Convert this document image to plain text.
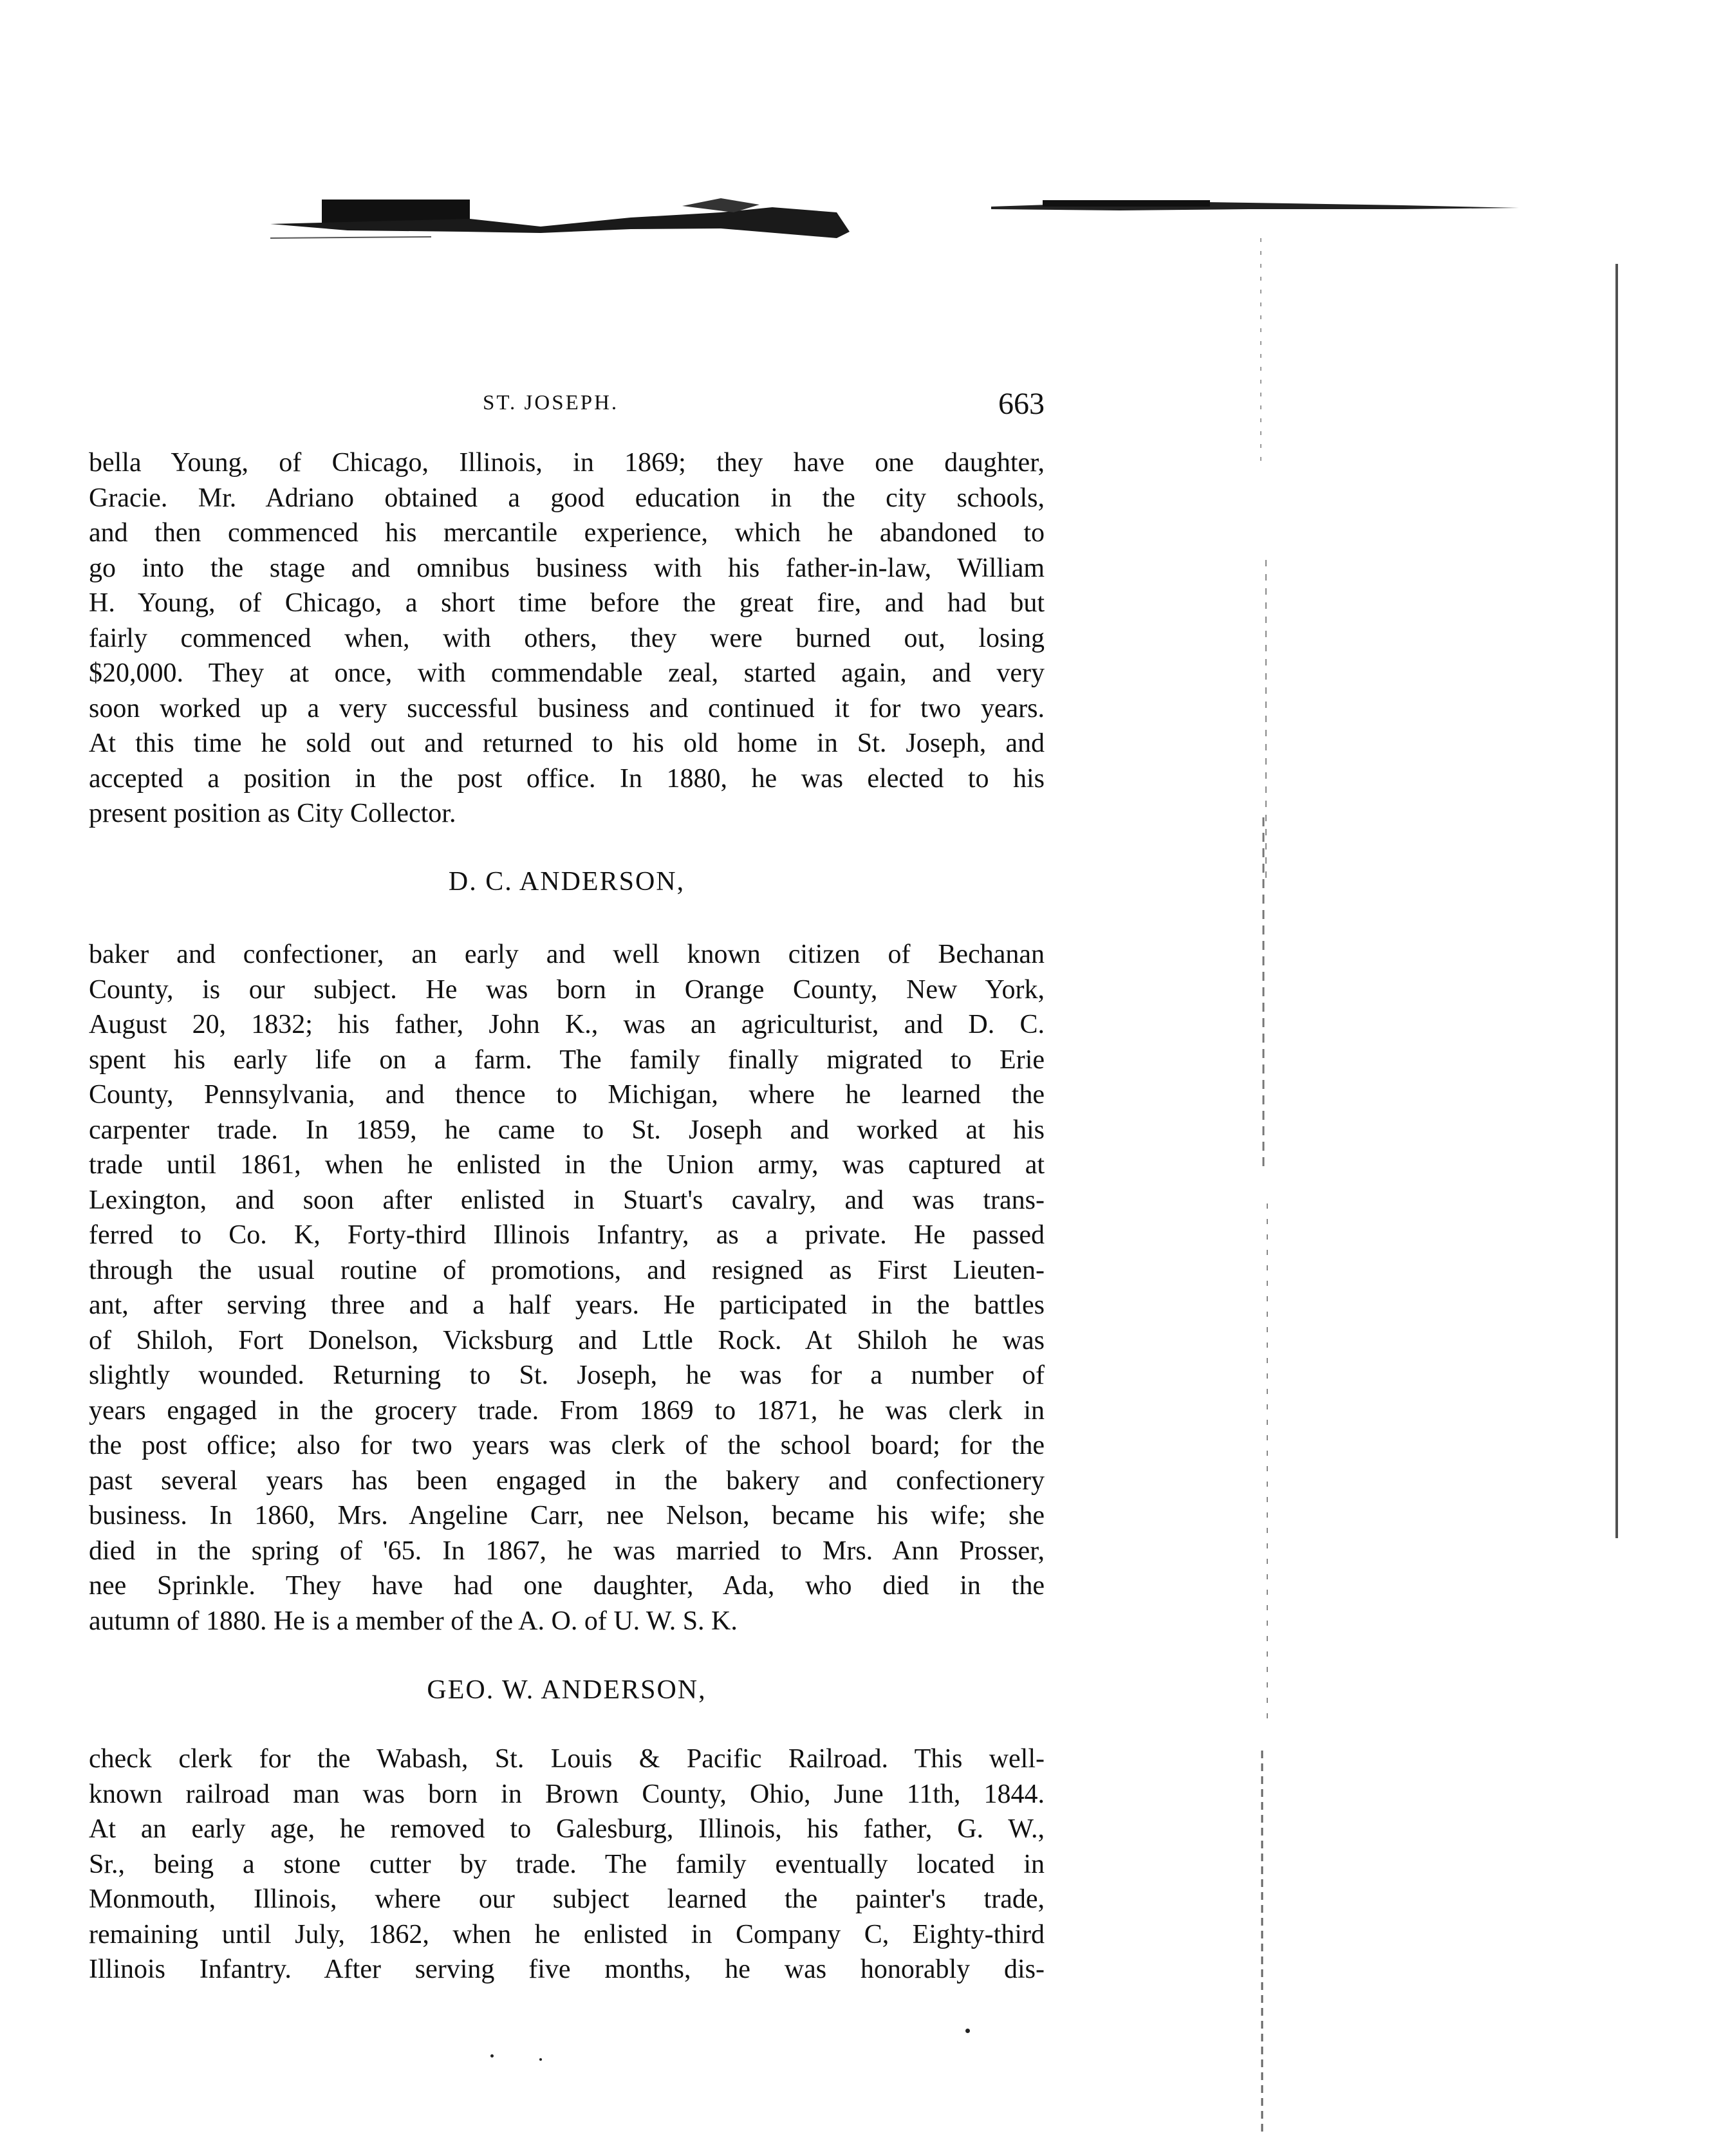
ST. JOSEPH.	663
bella Young, of Chicago, Illinois, in 1869; they have one daughter,
Gracie. Mr. Adriano obtained a good education in the city schools,
and then commenced his mercantile experience, which he abandoned to
go into the stage and omnibus business with his father-in-law, William
H. Young, of Chicago, a short time before the great fire, and had but
fairly commenced when, with others, they were burned out, losing
$20,000. They at once, with commendable zeal, started again, and very
soon worked up a very successful business and continued it for two years.
At this time he sold out and returned to his old home in St. Joseph, and
accepted a position in the post office. In 1880, he was elected to his
present position as City Collector.
D. C. ANDERSON,
baker and confectioner, an early and well known citizen of Bechanan
County, is our subject. He was born in Orange County, New York,
August 20, 1832; his father, John K., was an agriculturist, and D. C.
spent his early life on a farm. The family finally migrated to Erie
County, Pennsylvania, and thence to Michigan, where he learned the
carpenter trade. In 1859, he came to St. Joseph and worked at his
trade until 1861, when he enlisted in the Union army, was captured at
Lexington, and soon after enlisted in Stuart's cavalry, and was trans-
ferred to Co. K, Forty-third Illinois Infantry, as a private. He passed
through the usual routine of promotions, and resigned as First Lieuten-
ant, after serving three and a half years. He participated in the battles
of Shiloh, Fort Donelson, Vicksburg and Lttle Rock. At Shiloh he was
slightly wounded. Returning to St. Joseph, he was for a number of
years engaged in the grocery trade. From 1869 to 1871, he was clerk in
the post office; also for two years was clerk of the school board; for the
past several years has been engaged in the bakery and confectionery
business. In 1860, Mrs. Angeline Carr, nee Nelson, became his wife; she
died in the spring of '65. In 1867, he was married to Mrs. Ann Prosser,
nee Sprinkle. They have had one daughter, Ada, who died in the
autumn of 1880. He is a member of the A. O. of U. W. S. K.
GEO. W. ANDERSON,
check clerk for the Wabash, St. Louis & Pacific Railroad. This well-
known railroad man was born in Brown County, Ohio, June 11th, 1844.
At an early age, he removed to Galesburg, Illinois, his father, G. W.,
Sr., being a stone cutter by trade. The family eventually located in
Monmouth, Illinois, where our subject learned the painter's trade,
remaining until July, 1862, when he enlisted in Company C, Eighty-third
Illinois Infantry. After serving five months, he was honorably dis-
